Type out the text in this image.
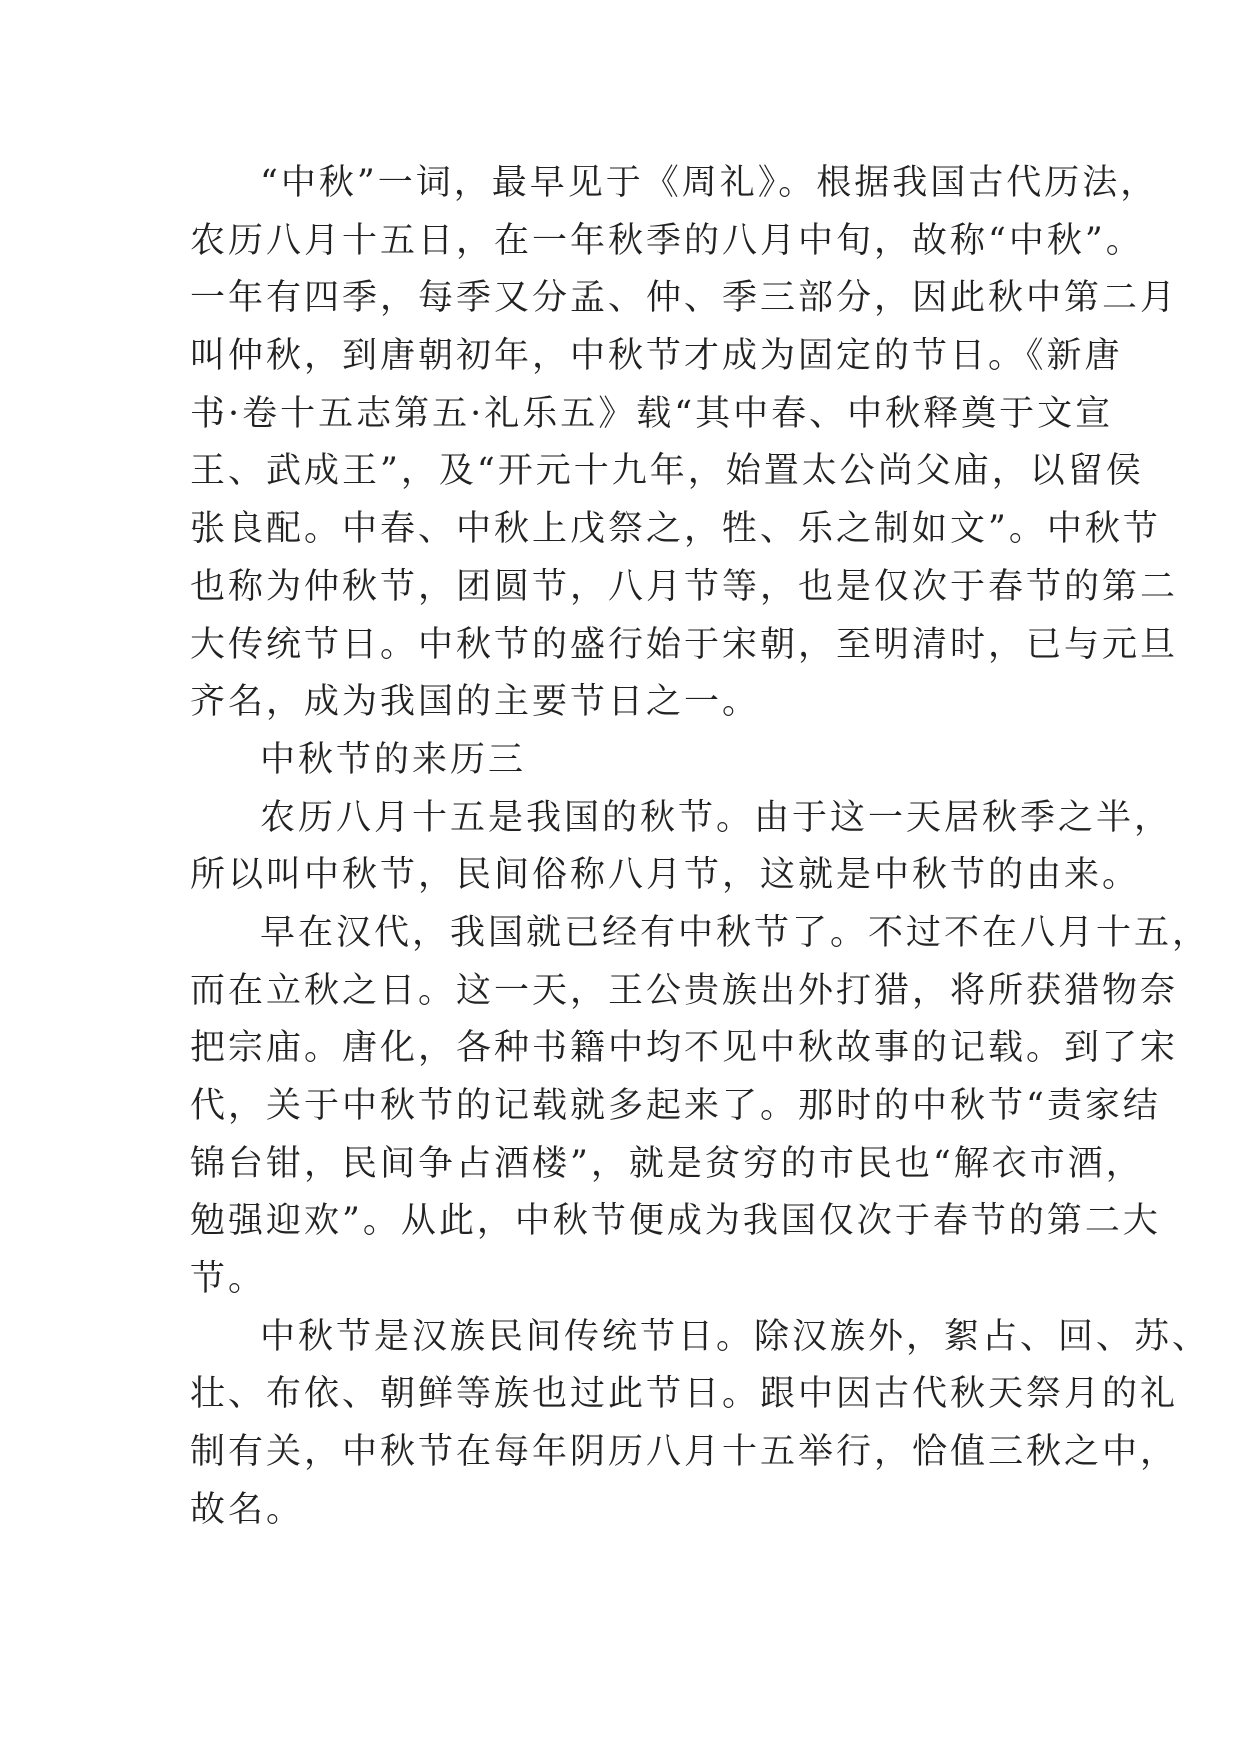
“中秋”一词，最早见于《周礼》。根据我国古代历法，
农历八月十五日，在一年秋季的八月中旬，故称“中秋”。
一年有四季，每季又分孟、仲、季三部分，因此秋中第二月
叫仲秋，到唐朝初年，中秋节才成为固定的节日。《新唐
书·卷十五志第五·礼乐五》载“其中春、中秋释奠于文宣
王、武成王”，及“开元十九年，始置太公尚父庙，以留侯
张良配。中春、中秋上戊祭之，牲、乐之制如文”。中秋节
也称为仲秋节，团圆节，八月节等，也是仅次于春节的第二
大传统节日。中秋节的盛行始于宋朝，至明清时，已与元旦
齐名，成为我国的主要节日之一。
中秋节的来历三
农历八月十五是我国的秋节。由于这一天居秋季之半，
所以叫中秋节，民间俗称八月节，这就是中秋节的由来。
早在汉代，我国就已经有中秋节了。不过不在八月十五，
而在立秋之日。这一天，王公贵族出外打猎，将所获猎物奈
把宗庙。唐化，各种书籍中均不见中秋故事的记载。到了宋
代，关于中秋节的记载就多起来了。那时的中秋节“责家结
锦台钳，民间争占酒楼”，就是贫穷的市民也“解衣市酒，
勉强迎欢”。从此，中秋节便成为我国仅次于春节的第二大
节。
中秋节是汉族民间传统节日。除汉族外，絮占、回、苏、
壮、布依、朝鲜等族也过此节日。跟中因古代秋天祭月的礼
制有关，中秋节在每年阴历八月十五举行，恰值三秋之中，
故名。
